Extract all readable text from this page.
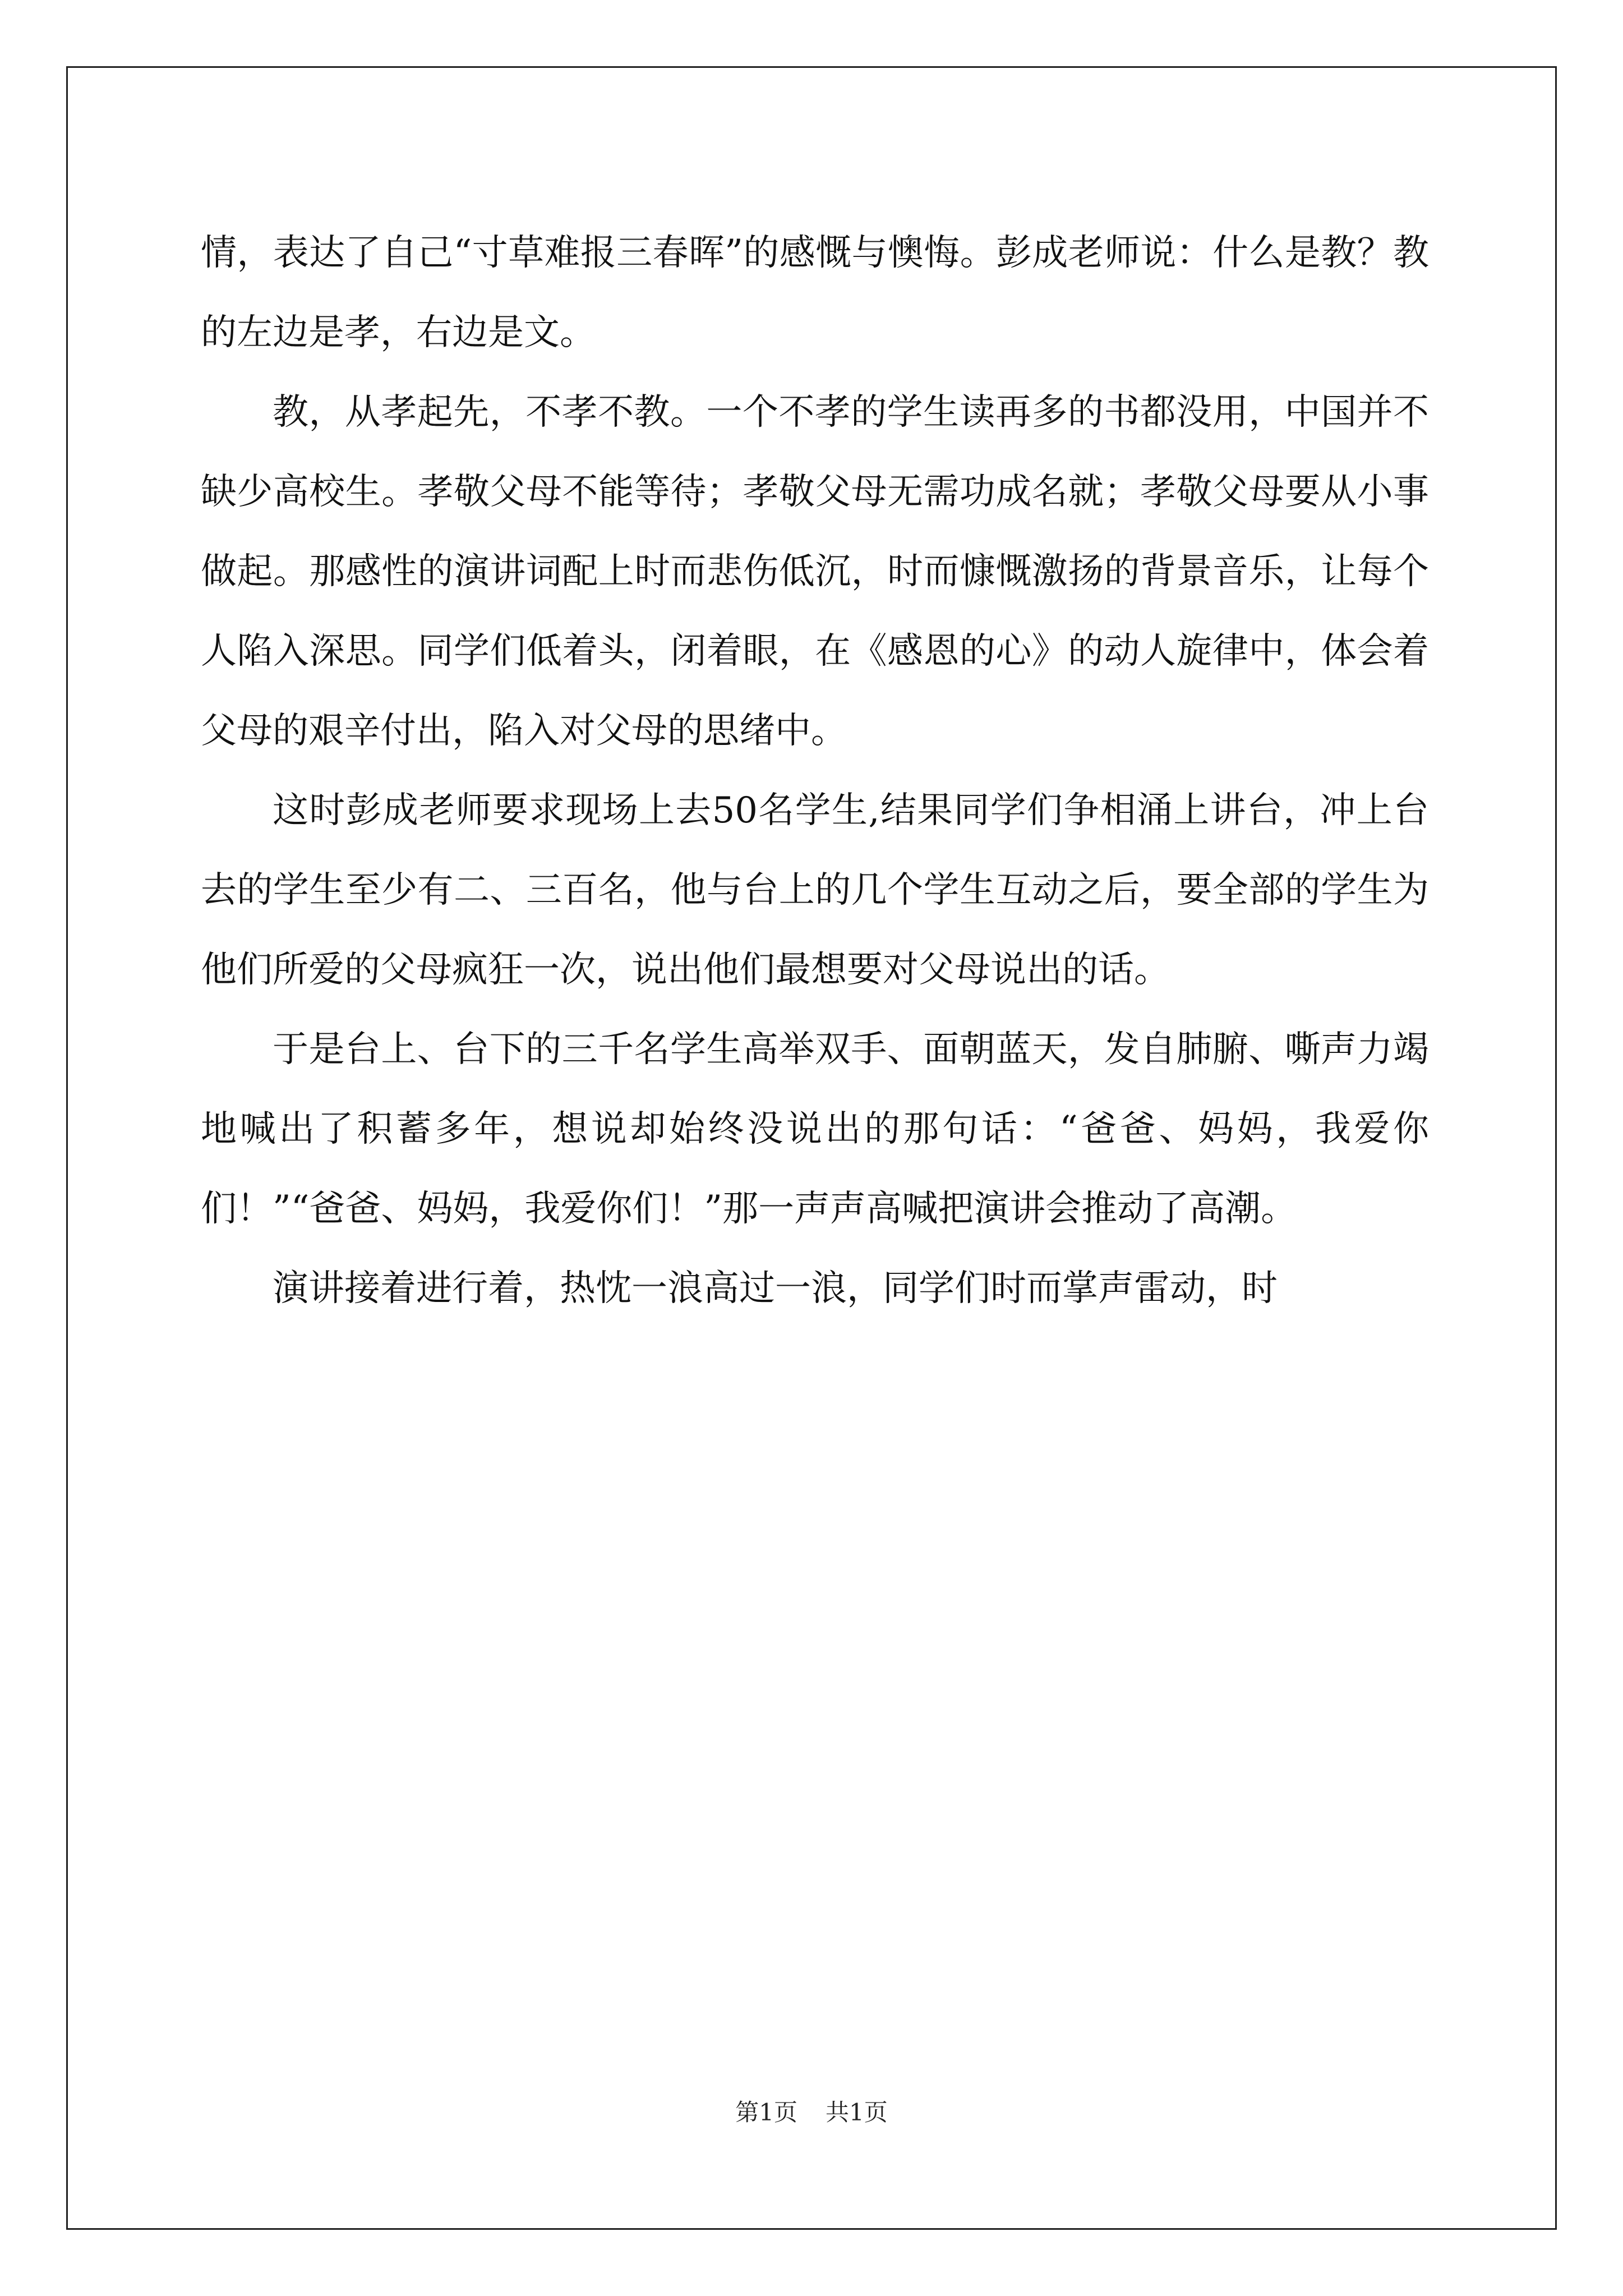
情，表达了自己“寸草难报三春晖”的感慨与懊悔。彭成老师说：什么是教？教的左边是孝，右边是文。

教，从孝起先，不孝不教。一个不孝的学生读再多的书都没用，中国并不缺少高校生。孝敬父母不能等待；孝敬父母无需功成名就；孝敬父母要从小事做起。那感性的演讲词配上时而悲伤低沉，时而慷慨激扬的背景音乐，让每个人陷入深思。同学们低着头，闭着眼，在《感恩的心》的动人旋律中，体会着父母的艰辛付出，陷入对父母的思绪中。

这时彭成老师要求现场上去50名学生,结果同学们争相涌上讲台，冲上台去的学生至少有二、三百名，他与台上的几个学生互动之后，要全部的学生为他们所爱的父母疯狂一次，说出他们最想要对父母说出的话。

于是台上、台下的三千名学生高举双手、面朝蓝天，发自肺腑、嘶声力竭地喊出了积蓄多年，想说却始终没说出的那句话：“爸爸、妈妈，我爱你们！”“爸爸、妈妈，我爱你们！”那一声声高喊把演讲会推动了高潮。

演讲接着进行着，热忱一浪高过一浪，同学们时而掌声雷动，时

第1页 共1页
